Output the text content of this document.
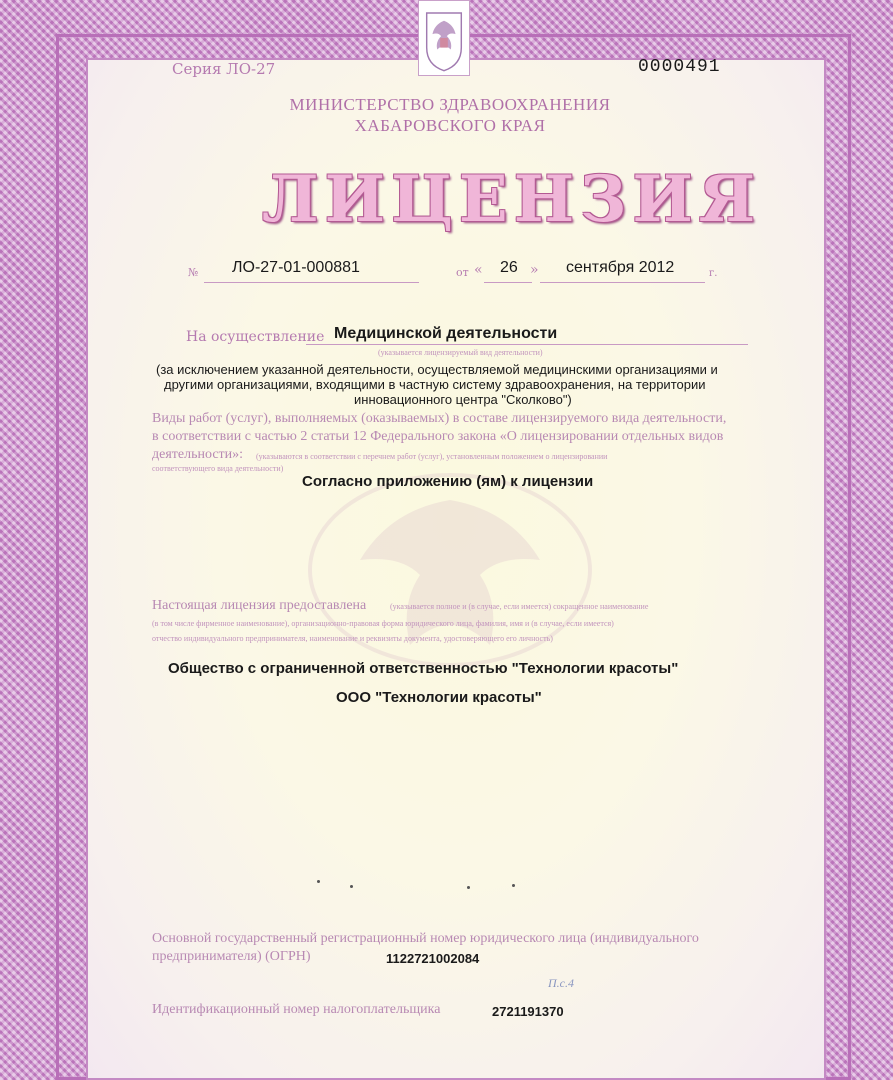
Серия ЛО-27	0000491
МИНИСТЕРСТВО ЗДРАВООХРАНЕНИЯ
ХАБАРОВСКОГО КРАЯ
ЛИЦЕНЗИЯ
№ ЛО-27-01-000881	от « 26 » сентября 2012	г.
На осуществление Медицинской деятельности
(указывается лицензируемый вид деятельности)
(за исключением указанной деятельности, осуществляемой медицинскими организациями и
другими организациями, входящими в частную систему здравоохранения, на территории
инновационного центра "Сколково")
Виды работ (услуг), выполняемых (оказываемых) в составе лицензируемого вида деятельности,
в соответствии с частью 2 статьи 12 Федерального закона «О лицензировании отдельных видов
деятельности»: (указываются в соответствии с перечнем работ (услуг), установленным положением о лицензировании
соответствующего вида деятельности)
Согласно приложению (ям) к лицензии
Настоящая лицензия предоставлена	(указывается полное и (в случае, если имеется) сокращенное наименование
(в том числе фирменное наименование), организационно-правовая форма юридического лица, фамилия, имя и (в случае, если имеется)
отчество индивидуального предпринимателя, наименование и реквизиты документа, удостоверяющего его личность)
Общество с ограниченной ответственностью "Технологии красоты"
ООО "Технологии красоты"
Основной государственный регистрационный номер юридического лица (индивидуального
предпринимателя) (ОГРН)	1122721002084
П.с.4
Идентификационный номер налогоплательщика	2721191370
